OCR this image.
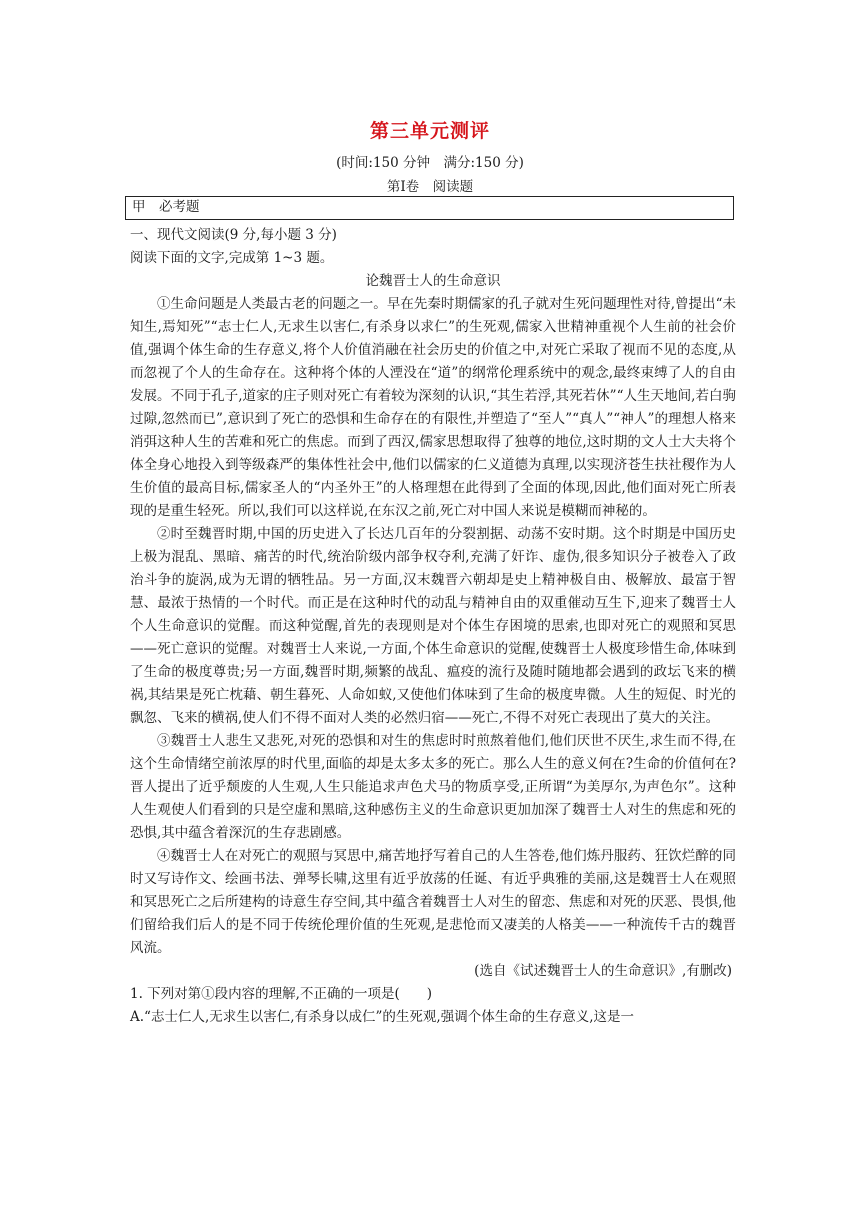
第三单元测评
(时间:150 分钟　满分:150 分)
第Ⅰ卷　阅读题
甲　必考题

一、现代文阅读(9 分,每小题 3 分)

阅读下面的文字,完成第 1~3 题。

论魏晋士人的生命意识

①生命问题是人类最古老的问题之一。早在先秦时期儒家的孔子就对生死问题理性对待,曾提出“未知生,焉知死”“志士仁人,无求生以害仁,有杀身以求仁”的生死观,儒家入世精神重视个人生前的社会价值,强调个体生命的生存意义,将个人价值消融在社会历史的价值之中,对死亡采取了视而不见的态度,从而忽视了个人的生命存在。这种将个体的人湮没在“道”的纲常伦理系统中的观念,最终束缚了人的自由发展。不同于孔子,道家的庄子则对死亡有着较为深刻的认识,“其生若浮,其死若休”“人生天地间,若白驹过隙,忽然而已”,意识到了死亡的恐惧和生命存在的有限性,并塑造了“至人”“真人”“神人”的理想人格来消弭这种人生的苦难和死亡的焦虑。而到了西汉,儒家思想取得了独尊的地位,这时期的文人士大夫将个体全身心地投入到等级森严的集体性社会中,他们以儒家的仁义道德为真理,以实现济苍生扶社稷作为人生价值的最高目标,儒家圣人的“内圣外王”的人格理想在此得到了全面的体现,因此,他们面对死亡所表现的是重生轻死。所以,我们可以这样说,在东汉之前,死亡对中国人来说是模糊而神秘的。

②时至魏晋时期,中国的历史进入了长达几百年的分裂割据、动荡不安时期。这个时期是中国历史上极为混乱、黑暗、痛苦的时代,统治阶级内部争权夺利,充满了奸诈、虚伪,很多知识分子被卷入了政治斗争的旋涡,成为无谓的牺牲品。另一方面,汉末魏晋六朝却是史上精神极自由、极解放、最富于智慧、最浓于热情的一个时代。而正是在这种时代的动乱与精神自由的双重催动互生下,迎来了魏晋士人个人生命意识的觉醒。而这种觉醒,首先的表现则是对个体生存困境的思索,也即对死亡的观照和冥思——死亡意识的觉醒。对魏晋士人来说,一方面,个体生命意识的觉醒,使魏晋士人极度珍惜生命,体味到了生命的极度尊贵;另一方面,魏晋时期,频繁的战乱、瘟疫的流行及随时随地都会遇到的政坛飞来的横祸,其结果是死亡枕藉、朝生暮死、人命如蚁,又使他们体味到了生命的极度卑微。人生的短促、时光的飘忽、飞来的横祸,使人们不得不面对人类的必然归宿——死亡,不得不对死亡表现出了莫大的关注。

③魏晋士人悲生又悲死,对死的恐惧和对生的焦虑时时煎熬着他们,他们厌世不厌生,求生而不得,在这个生命情绪空前浓厚的时代里,面临的却是太多太多的死亡。那么人生的意义何在?生命的价值何在?晋人提出了近乎颓废的人生观,人生只能追求声色犬马的物质享受,正所谓“为美厚尔,为声色尔”。这种人生观使人们看到的只是空虚和黑暗,这种感伤主义的生命意识更加加深了魏晋士人对生的焦虑和死的恐惧,其中蕴含着深沉的生存悲剧感。

④魏晋士人在对死亡的观照与冥思中,痛苦地抒写着自己的人生答卷,他们炼丹服药、狂饮烂醉的同时又写诗作文、绘画书法、弹琴长啸,这里有近乎放荡的任诞、有近乎典雅的美丽,这是魏晋士人在观照和冥思死亡之后所建构的诗意生存空间,其中蕴含着魏晋士人对生的留恋、焦虑和对死的厌恶、畏惧,他们留给我们后人的是不同于传统伦理价值的生死观,是悲怆而又凄美的人格美——一种流传千古的魏晋风流。

(选自《试述魏晋士人的生命意识》,有删改)

1. 下列对第①段内容的理解,不正确的一项是(　　)

A.“志士仁人,无求生以害仁,有杀身以成仁”的生死观,强调个体生命的生存意义,这是一
